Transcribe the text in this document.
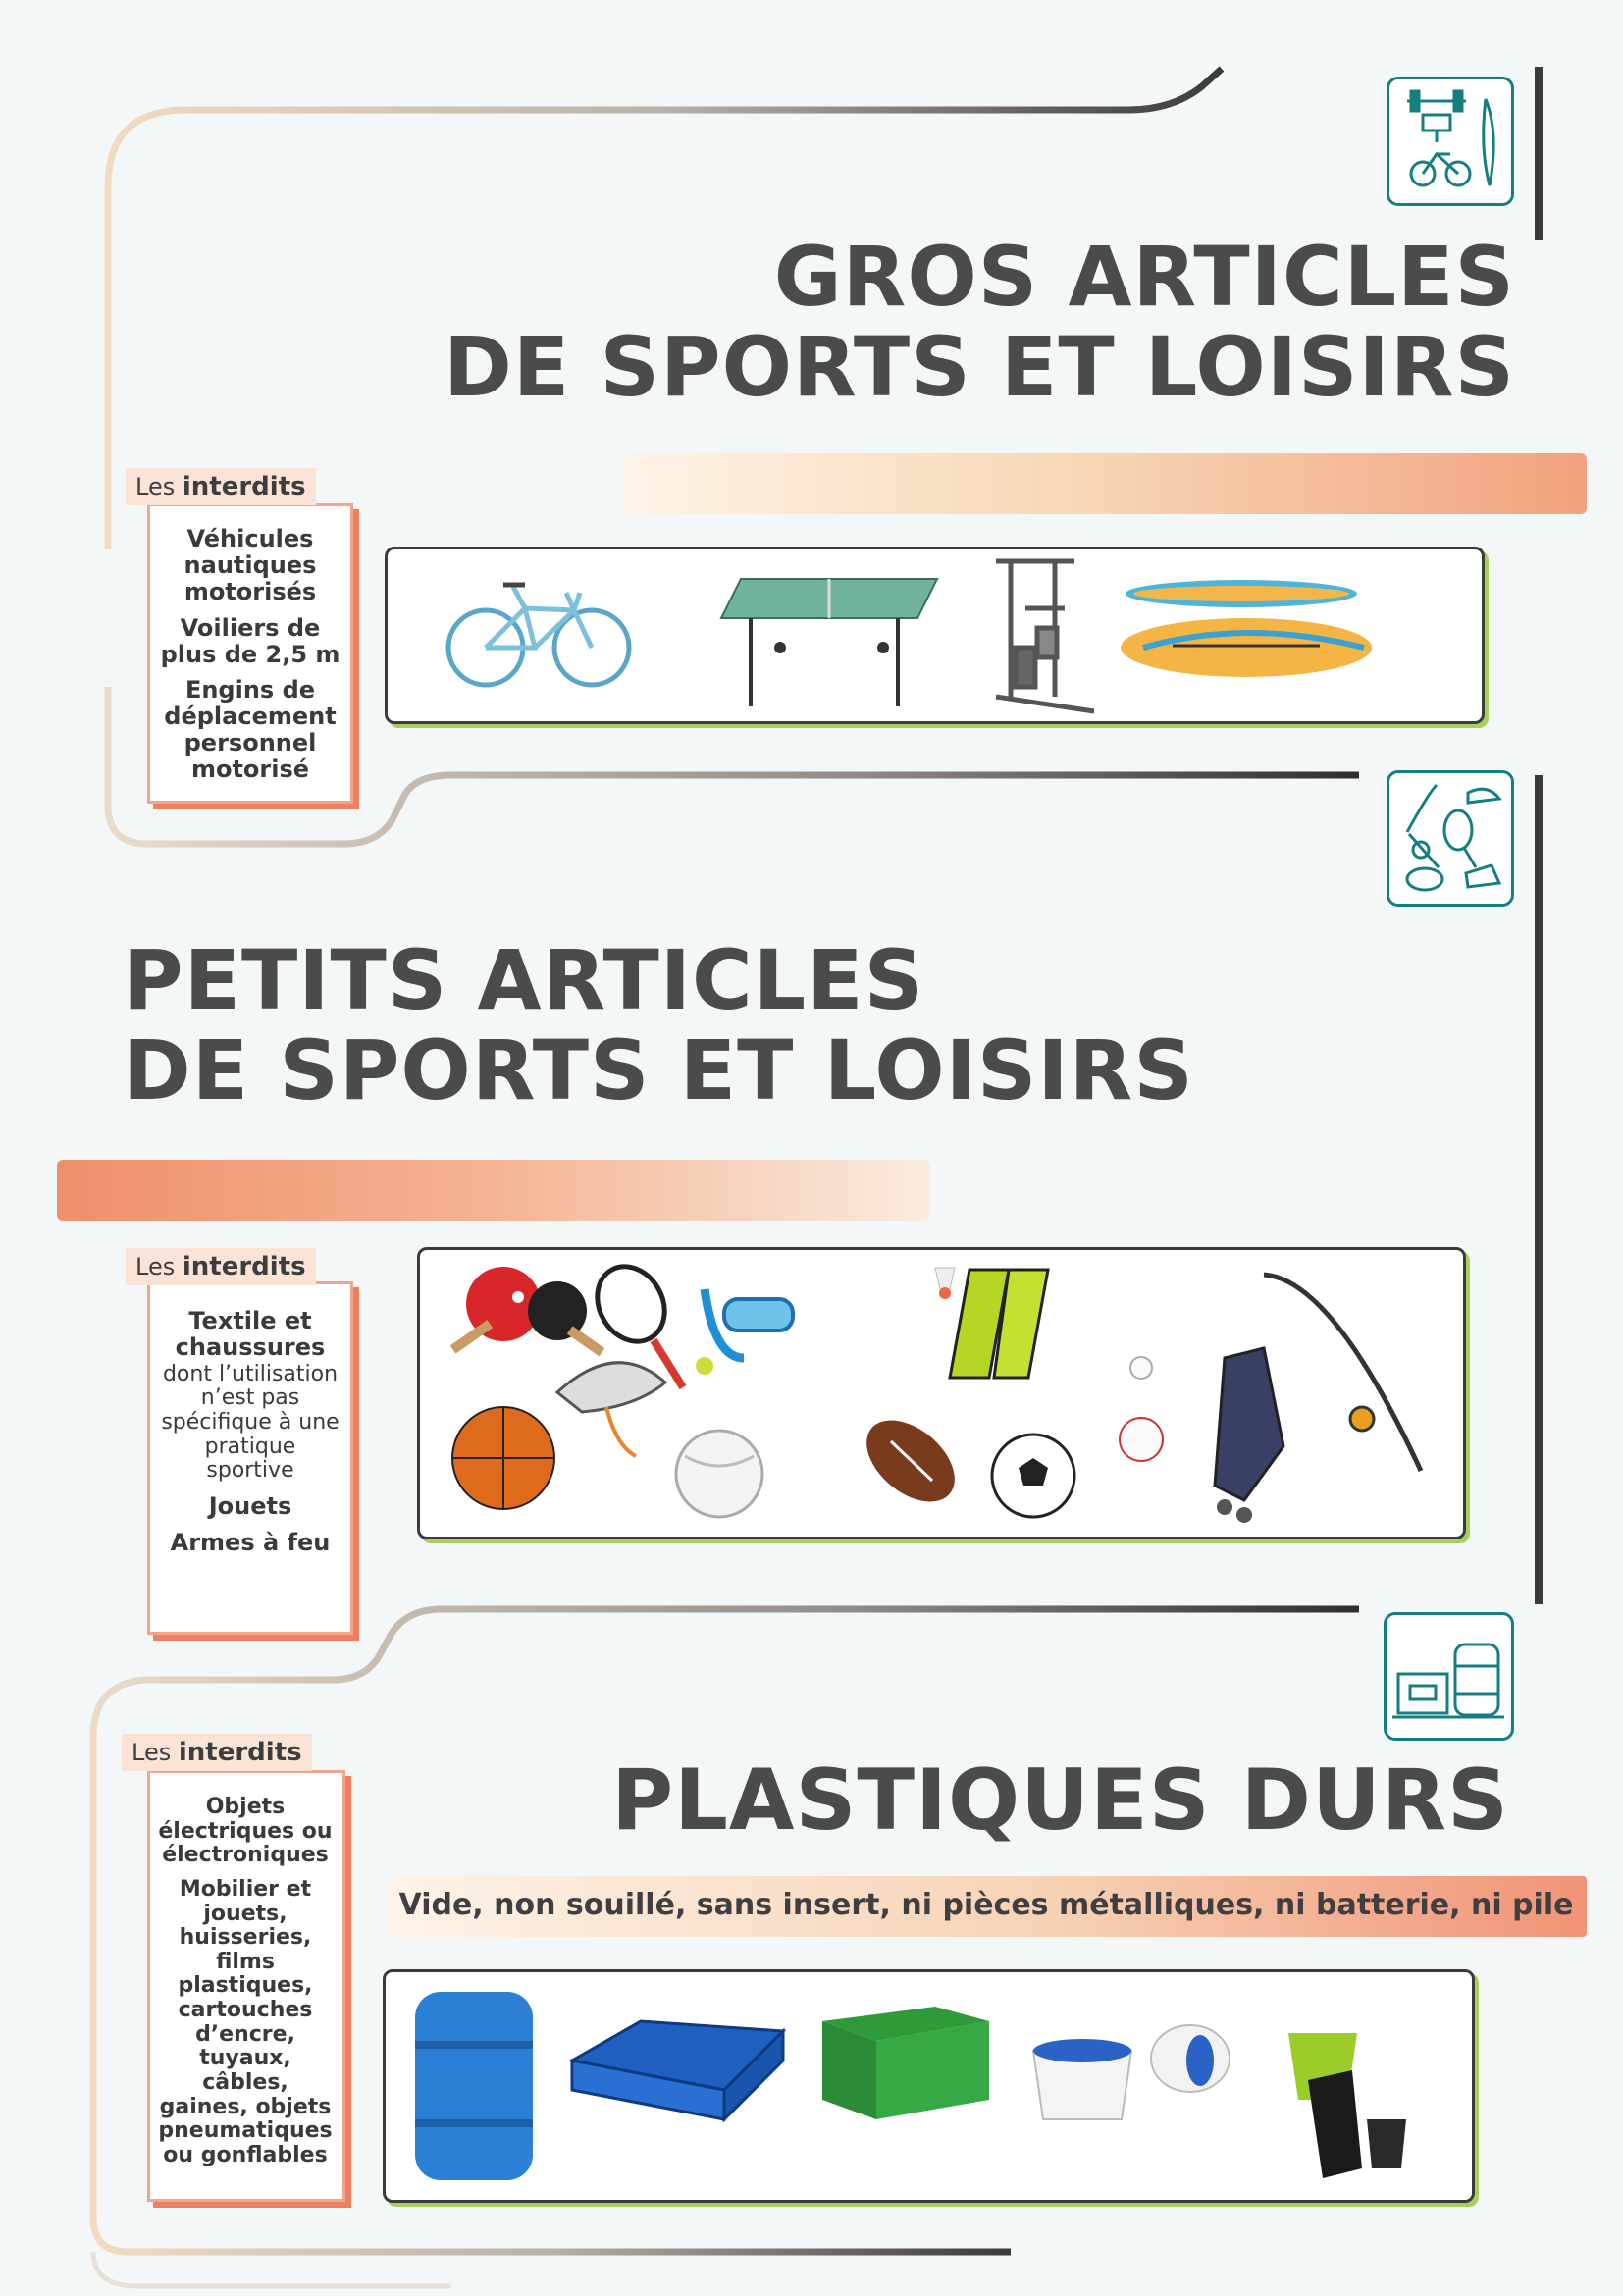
GROS ARTICLES
DE SPORTS ET LOISIRS
Les interdits

Véhicules nautiques motorisés

Voiliers de plus de 2,5 m

Engins de déplacement personnel motorisé

PETITS ARTICLES
DE SPORTS ET LOISIRS
Les interdits

Textile et chaussures

dont l’utilisation n’est pas spécifique à une pratique sportive

Jouets

Armes à feu

PLASTIQUES DURS
Vide, non souillé, sans insert, ni pièces métalliques, ni batterie, ni pile
Les interdits

Objets électriques ou électroniques

Mobilier et jouets, huisseries, films plastiques, cartouches d’encre, tuyaux, câbles, gaines, objets pneumatiques ou gonflables
